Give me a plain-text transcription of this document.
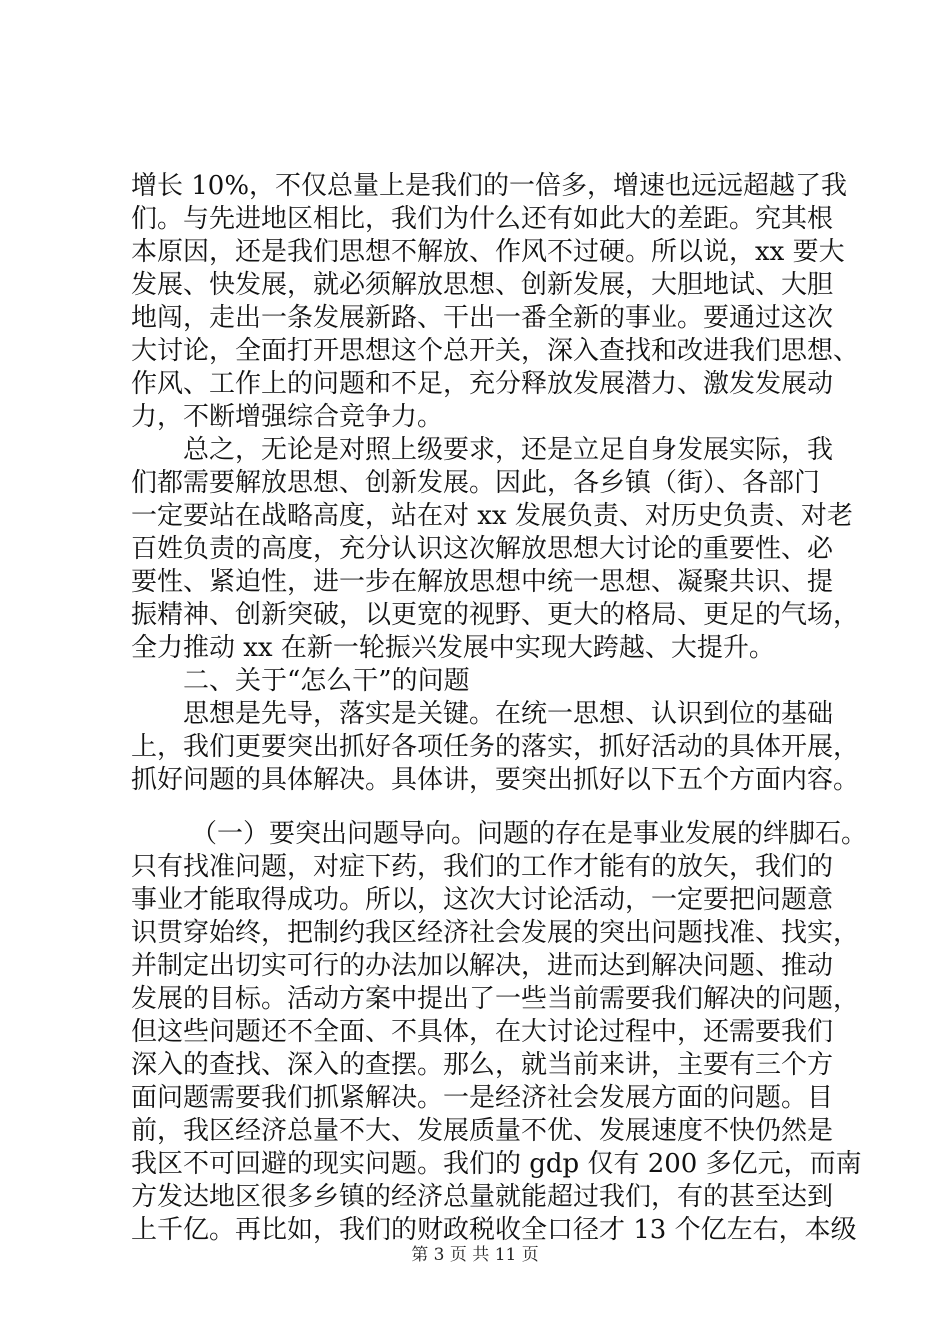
增长 10%，不仅总量上是我们的一倍多，增速也远远超越了我
们。与先进地区相比，我们为什么还有如此大的差距。究其根
本原因，还是我们思想不解放、作风不过硬。所以说，xx 要大
发展、快发展，就必须解放思想、创新发展，大胆地试、大胆
地闯，走出一条发展新路、干出一番全新的事业。要通过这次
大讨论，全面打开思想这个总开关，深入查找和改进我们思想、
作风、工作上的问题和不足，充分释放发展潜力、激发发展动
力，不断增强综合竞争力。
总之，无论是对照上级要求，还是立足自身发展实际，我
们都需要解放思想、创新发展。因此，各乡镇（街）、各部门
一定要站在战略高度，站在对 xx 发展负责、对历史负责、对老
百姓负责的高度，充分认识这次解放思想大讨论的重要性、必
要性、紧迫性，进一步在解放思想中统一思想、凝聚共识、提
振精神、创新突破，以更宽的视野、更大的格局、更足的气场，
全力推动 xx 在新一轮振兴发展中实现大跨越、大提升。
二、关于“怎么干”的问题
思想是先导，落实是关键。在统一思想、认识到位的基础
上，我们更要突出抓好各项任务的落实，抓好活动的具体开展，
抓好问题的具体解决。具体讲，要突出抓好以下五个方面内容。
（一）要突出问题导向。问题的存在是事业发展的绊脚石。
只有找准问题，对症下药，我们的工作才能有的放矢，我们的
事业才能取得成功。所以，这次大讨论活动，一定要把问题意
识贯穿始终，把制约我区经济社会发展的突出问题找准、找实，
并制定出切实可行的办法加以解决，进而达到解决问题、推动
发展的目标。活动方案中提出了一些当前需要我们解决的问题，
但这些问题还不全面、不具体，在大讨论过程中，还需要我们
深入的查找、深入的查摆。那么，就当前来讲，主要有三个方
面问题需要我们抓紧解决。一是经济社会发展方面的问题。目
前，我区经济总量不大、发展质量不优、发展速度不快仍然是
我区不可回避的现实问题。我们的 gdp 仅有 200 多亿元，而南
方发达地区很多乡镇的经济总量就能超过我们，有的甚至达到
上千亿。再比如，我们的财政税收全口径才 13 个亿左右，本级
第 3 页 共 11 页
